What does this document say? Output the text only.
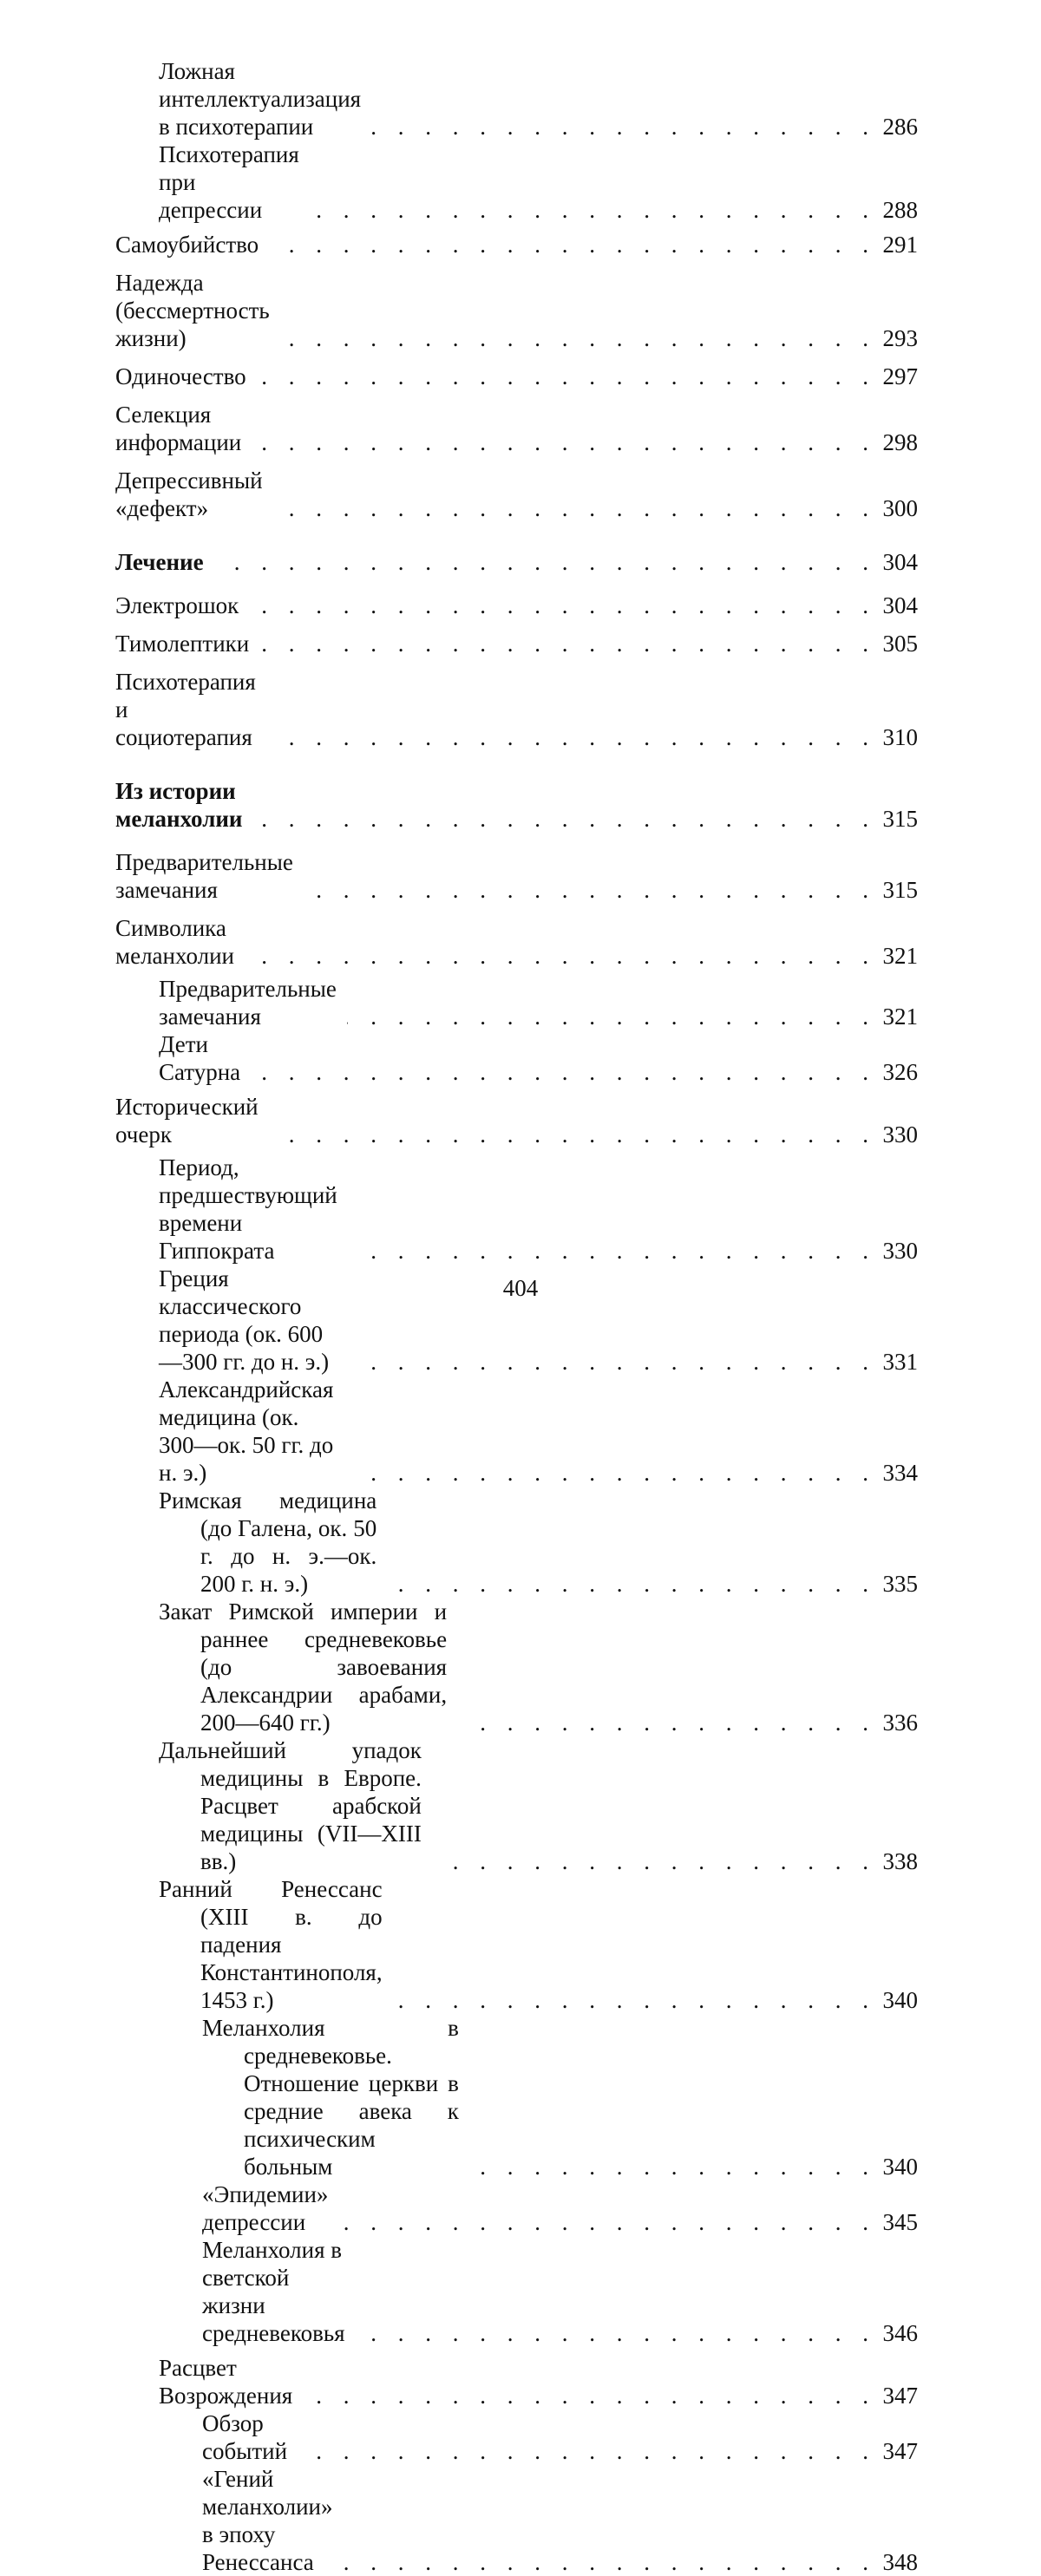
Ложная интеллектуализация в психотерапии	. . . . . . . . . . . . . . . . . . .	286
Психотерапия при депрессии	. . . . . . . . . . . . . . . . . . . . .	288
Самоубийство	. . . . . . . . . . . . . . . . . . . . . .	291
Надежда (бессмертность жизни)	. . . . . . . . . . . . . . . . . . . . . .	293
Одиночество	. . . . . . . . . . . . . . . . . . . . . . .	297
Селекция информации	. . . . . . . . . . . . . . . . . . . . . . .	298
Депрессивный «дефект»	. . . . . . . . . . . . . . . . . . . . . .	300
Лечение	. . . . . . . . . . . . . . . . . . . . . . . .	304
Электрошок	. . . . . . . . . . . . . . . . . . . . . . .	304
Тимолептики	. . . . . . . . . . . . . . . . . . . . . . .	305
Психотерапия и социотерапия	. . . . . . . . . . . . . . . . . . . . . .	310
Из истории меланхолии	. . . . . . . . . . . . . . . . . . . . . . .	315
Предварительные замечания	. . . . . . . . . . . . . . . . . . . . .	315
Символика меланхолии	. . . . . . . . . . . . . . . . . . . . . . .	321
Предварительные замечания	. . . . . . . . . . . . . . . . . . .	321
Дети Сатурна	. . . . . . . . . . . . . . . . . . . . . . .	326
Исторический очерк	. . . . . . . . . . . . . . . . . . . . . .	330
Период, предшествующий времени Гиппократа	. . . . . . . . . . . . . . . . . . .	330
Греция классического периода (ок. 600—300 гг. до н. э.)	. . . . . . . . . . . . . . . . . . .	331
Александрийская медицина (ок. 300—ок. 50 гг. до н. э.)	. . . . . . . . . . . . . . . . . . .	334
Римская медицина (до Галена, ок. 50 г. до н. э.—ок. 200 г. н. э.)	. . . . . . . . . . . . . . . . . .	335
Закат Римской империи и раннее средневековье (до завоевания Александрии арабами, 200—640 гг.)	. . . . . . . . . . . . . . .	336
Дальнейший упадок медицины в Европе. Расцвет арабской медицины (VII—XIII вв.)	. . . . . . . . . . . . . . . .	338
Ранний Ренессанс (XIII в. до падения Константинополя, 1453 г.)	. . . . . . . . . . . . . . . . . .	340
Меланхолия в средневековье. Отношение церкви в средние авека к психическим больным	. . . . . . . . . . . . . . .	340
«Эпидемии» депрессии	. . . . . . . . . . . . . . . . . . . .	345
Меланхолия в светской жизни средневековья	. . . . . . . . . . . . . . . . . . .	346
Расцвет Возрождения	. . . . . . . . . . . . . . . . . . . . .	347
Обзор событий	. . . . . . . . . . . . . . . . . . . . .	347
«Гений меланхолии» в эпоху Ренессанса	. . . . . . . . . . . . . . . . . . .	348
404
